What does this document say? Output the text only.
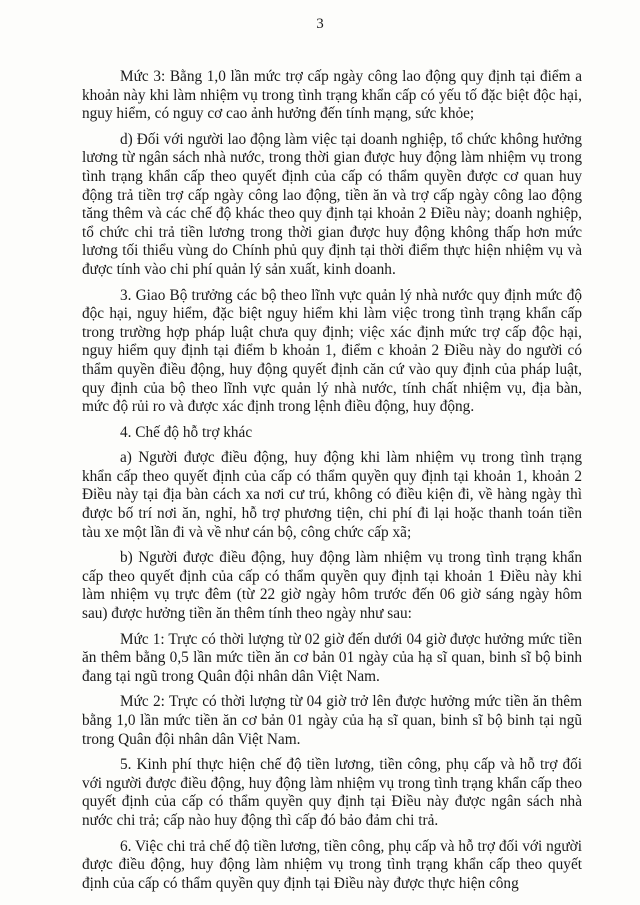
3

Mức 3: Bằng 1,0 lần mức trợ cấp ngày công lao động quy định tại điểm a khoản này khi làm nhiệm vụ trong tình trạng khẩn cấp có yếu tố đặc biệt độc hại, nguy hiểm, có nguy cơ cao ảnh hưởng đến tính mạng, sức khỏe;

d) Đối với người lao động làm việc tại doanh nghiệp, tổ chức không hưởng lương từ ngân sách nhà nước, trong thời gian được huy động làm nhiệm vụ trong tình trạng khẩn cấp theo quyết định của cấp có thẩm quyền được cơ quan huy động trả tiền trợ cấp ngày công lao động, tiền ăn và trợ cấp ngày công lao động tăng thêm và các chế độ khác theo quy định tại khoản 2 Điều này; doanh nghiệp, tổ chức chi trả tiền lương trong thời gian được huy động không thấp hơn mức lương tối thiểu vùng do Chính phủ quy định tại thời điểm thực hiện nhiệm vụ và được tính vào chi phí quản lý sản xuất, kinh doanh.

3. Giao Bộ trưởng các bộ theo lĩnh vực quản lý nhà nước quy định mức độ độc hại, nguy hiểm, đặc biệt nguy hiểm khi làm việc trong tình trạng khẩn cấp trong trường hợp pháp luật chưa quy định; việc xác định mức trợ cấp độc hại, nguy hiểm quy định tại điểm b khoản 1, điểm c khoản 2 Điều này do người có thẩm quyền điều động, huy động quyết định căn cứ vào quy định của pháp luật, quy định của bộ theo lĩnh vực quản lý nhà nước, tính chất nhiệm vụ, địa bàn, mức độ rủi ro và được xác định trong lệnh điều động, huy động.

4. Chế độ hỗ trợ khác

a) Người được điều động, huy động khi làm nhiệm vụ trong tình trạng khẩn cấp theo quyết định của cấp có thẩm quyền quy định tại khoản 1, khoản 2 Điều này tại địa bàn cách xa nơi cư trú, không có điều kiện đi, về hàng ngày thì được bố trí nơi ăn, nghỉ, hỗ trợ phương tiện, chi phí đi lại hoặc thanh toán tiền tàu xe một lần đi và về như cán bộ, công chức cấp xã;

b) Người được điều động, huy động làm nhiệm vụ trong tình trạng khẩn cấp theo quyết định của cấp có thẩm quyền quy định tại khoản 1 Điều này khi làm nhiệm vụ trực đêm (từ 22 giờ ngày hôm trước đến 06 giờ sáng ngày hôm sau) được hưởng tiền ăn thêm tính theo ngày như sau:

Mức 1: Trực có thời lượng từ 02 giờ đến dưới 04 giờ được hưởng mức tiền ăn thêm bằng 0,5 lần mức tiền ăn cơ bản 01 ngày của hạ sĩ quan, binh sĩ bộ binh đang tại ngũ trong Quân đội nhân dân Việt Nam.

Mức 2: Trực có thời lượng từ 04 giờ trở lên được hưởng mức tiền ăn thêm bằng 1,0 lần mức tiền ăn cơ bản 01 ngày của hạ sĩ quan, binh sĩ bộ binh tại ngũ trong Quân đội nhân dân Việt Nam.

5. Kinh phí thực hiện chế độ tiền lương, tiền công, phụ cấp và hỗ trợ đối với người được điều động, huy động làm nhiệm vụ trong tình trạng khẩn cấp theo quyết định của cấp có thẩm quyền quy định tại Điều này được ngân sách nhà nước chi trả; cấp nào huy động thì cấp đó bảo đảm chi trả.

6. Việc chi trả chế độ tiền lương, tiền công, phụ cấp và hỗ trợ đối với người được điều động, huy động làm nhiệm vụ trong tình trạng khẩn cấp theo quyết định của cấp có thẩm quyền quy định tại Điều này được thực hiện công
